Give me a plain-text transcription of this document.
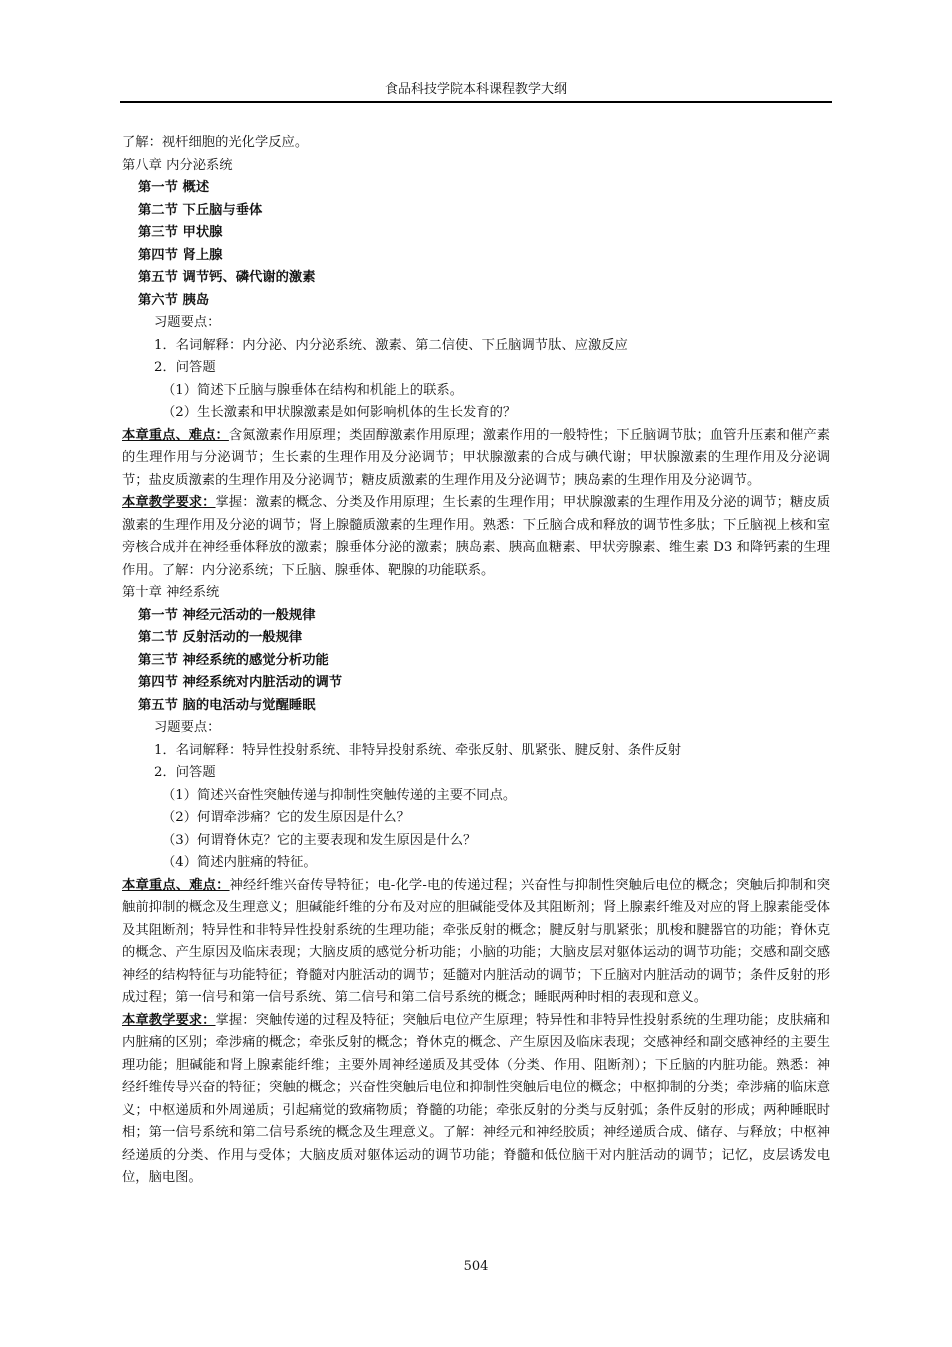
食品科技学院本科课程教学大纲
了解：视杆细胞的光化学反应。
第八章 内分泌系统
第一节 概述
第二节 下丘脑与垂体
第三节 甲状腺
第四节 肾上腺
第五节 调节钙、磷代谢的激素
第六节 胰岛
习题要点：
1．名词解释：内分泌、内分泌系统、激素、第二信使、下丘脑调节肽、应激反应
2．问答题
（1）简述下丘脑与腺垂体在结构和机能上的联系。
（2）生长激素和甲状腺激素是如何影响机体的生长发育的？
本章重点、难点：含氮激素作用原理；类固醇激素作用原理；激素作用的一般特性；下丘脑调节肽；血管升压素和催产素的生理作用与分泌调节；生长素的生理作用及分泌调节；甲状腺激素的合成与碘代谢；甲状腺激素的生理作用及分泌调节；盐皮质激素的生理作用及分泌调节；糖皮质激素的生理作用及分泌调节；胰岛素的生理作用及分泌调节。
本章教学要求：掌握：激素的概念、分类及作用原理；生长素的生理作用；甲状腺激素的生理作用及分泌的调节；糖皮质激素的生理作用及分泌的调节；肾上腺髓质激素的生理作用。熟悉：下丘脑合成和释放的调节性多肽；下丘脑视上核和室旁核合成并在神经垂体释放的激素；腺垂体分泌的激素；胰岛素、胰高血糖素、甲状旁腺素、维生素 D3 和降钙素的生理作用。了解：内分泌系统；下丘脑、腺垂体、靶腺的功能联系。
第十章 神经系统
第一节 神经元活动的一般规律
第二节 反射活动的一般规律
第三节 神经系统的感觉分析功能
第四节 神经系统对内脏活动的调节
第五节 脑的电活动与觉醒睡眠
习题要点：
1．名词解释：特异性投射系统、非特异投射系统、牵张反射、肌紧张、腱反射、条件反射
2．问答题
（1）简述兴奋性突触传递与抑制性突触传递的主要不同点。
（2）何谓牵涉痛？它的发生原因是什么？
（3）何谓脊休克？它的主要表现和发生原因是什么？
（4）简述内脏痛的特征。
本章重点、难点：神经纤维兴奋传导特征；电-化学-电的传递过程；兴奋性与抑制性突触后电位的概念；突触后抑制和突触前抑制的概念及生理意义；胆碱能纤维的分布及对应的胆碱能受体及其阻断剂；肾上腺素纤维及对应的肾上腺素能受体及其阻断剂；特异性和非特异性投射系统的生理功能；牵张反射的概念；腱反射与肌紧张；肌梭和腱器官的功能；脊休克的概念、产生原因及临床表现；大脑皮质的感觉分析功能；小脑的功能；大脑皮层对躯体运动的调节功能；交感和副交感神经的结构特征与功能特征；脊髓对内脏活动的调节；延髓对内脏活动的调节；下丘脑对内脏活动的调节；条件反射的形成过程；第一信号和第一信号系统、第二信号和第二信号系统的概念；睡眠两种时相的表现和意义。
本章教学要求：掌握：突触传递的过程及特征；突触后电位产生原理；特异性和非特异性投射系统的生理功能；皮肤痛和内脏痛的区别；牵涉痛的概念；牵张反射的概念；脊休克的概念、产生原因及临床表现；交感神经和副交感神经的主要生理功能；胆碱能和肾上腺素能纤维；主要外周神经递质及其受体（分类、作用、阻断剂）；下丘脑的内脏功能。熟悉：神经纤维传导兴奋的特征；突触的概念；兴奋性突触后电位和抑制性突触后电位的概念；中枢抑制的分类；牵涉痛的临床意义；中枢递质和外周递质；引起痛觉的致痛物质；脊髓的功能；牵张反射的分类与反射弧；条件反射的形成；两种睡眠时相；第一信号系统和第二信号系统的概念及生理意义。了解：神经元和神经胶质；神经递质合成、储存、与释放；中枢神经递质的分类、作用与受体；大脑皮质对躯体运动的调节功能；脊髓和低位脑干对内脏活动的调节；记忆，皮层诱发电位，脑电图。
504
